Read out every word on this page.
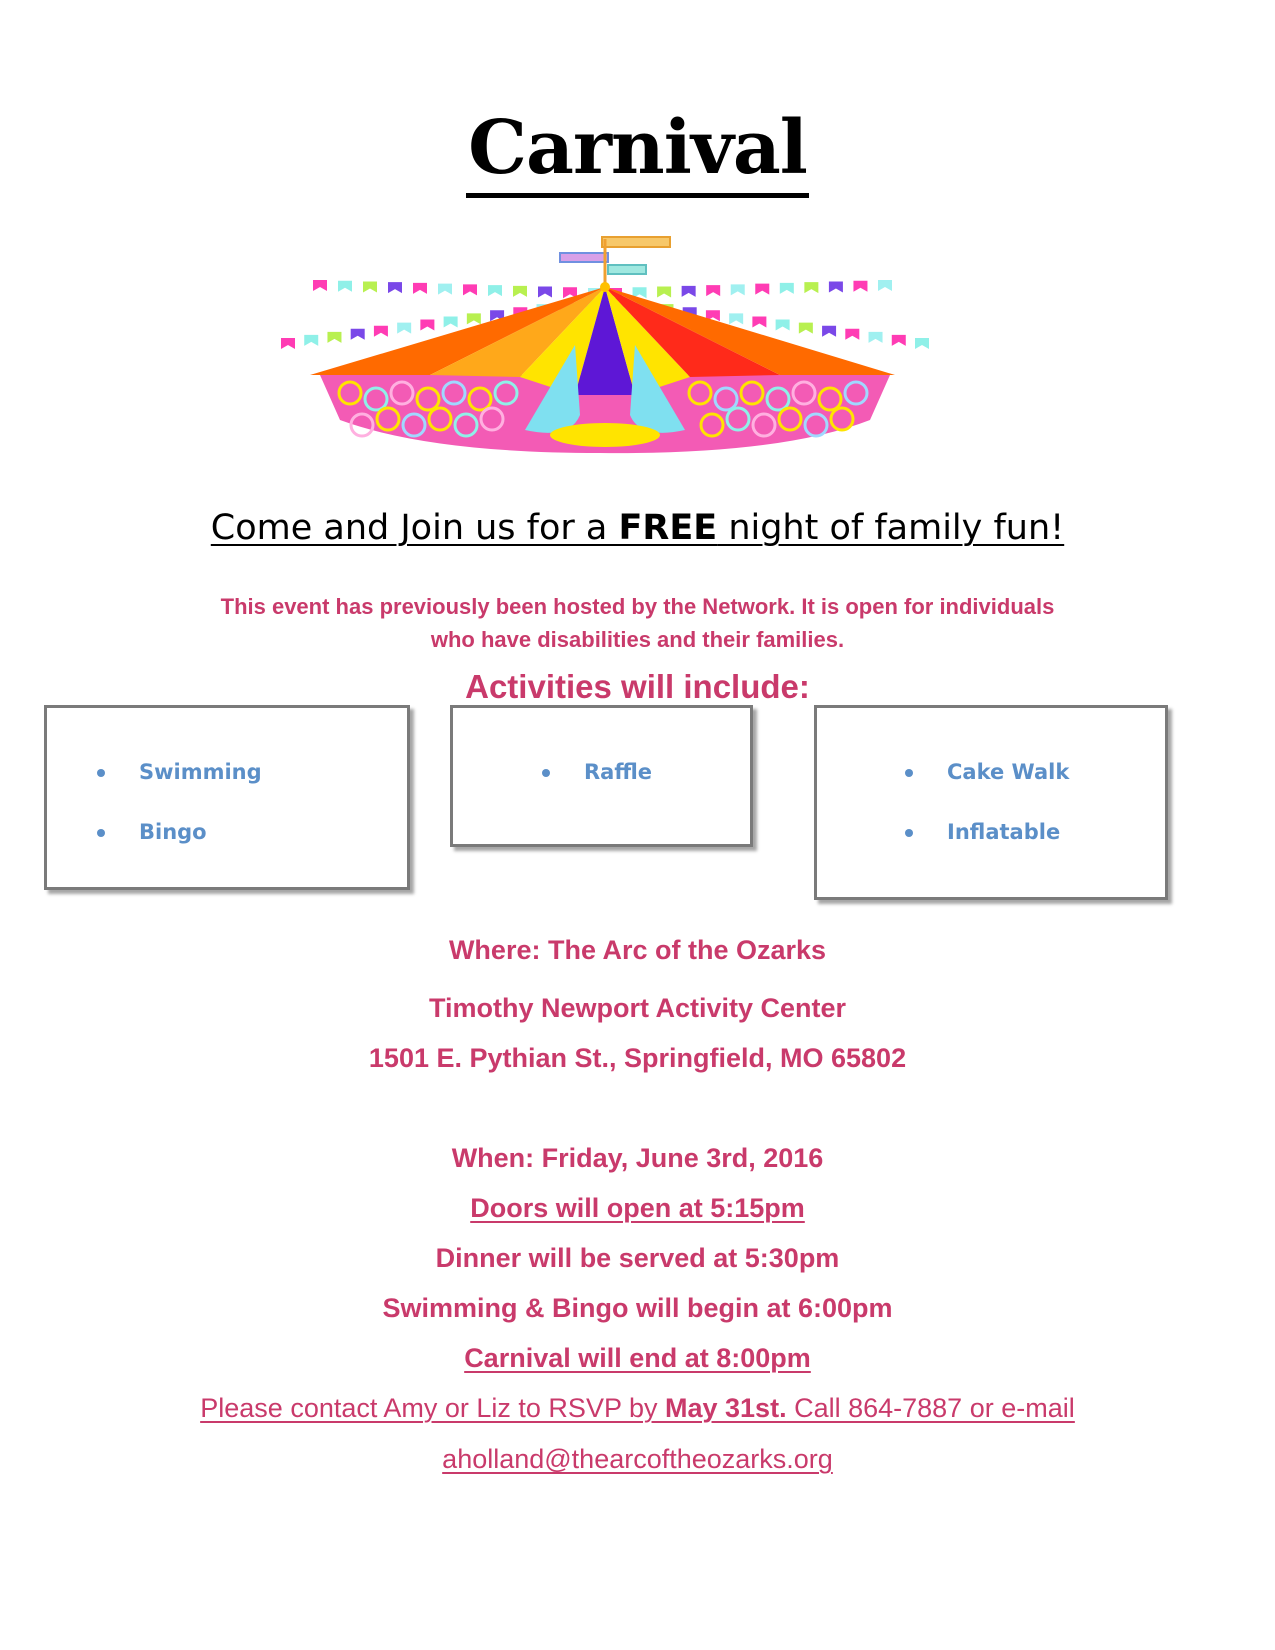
Carnival
Come and Join us for a FREE night of family fun!
This event has previously been hosted by the Network. It is open for individuals
who have disabilities and their families.
Activities will include:
Swimming
Bingo
Raffle	Cake Walk
Inflatable
Where: The Arc of the Ozarks
Timothy Newport Activity Center
1501 E. Pythian St., Springfield, MO 65802
When: Friday, June 3rd, 2016
Doors will open at 5:15pm
Dinner will be served at 5:30pm
Swimming & Bingo will begin at 6:00pm
Carnival will end at 8:00pm
Please contact Amy or Liz to RSVP by May 31st. Call 864-7887 or e-mail
aholland@thearcoftheozarks.org
